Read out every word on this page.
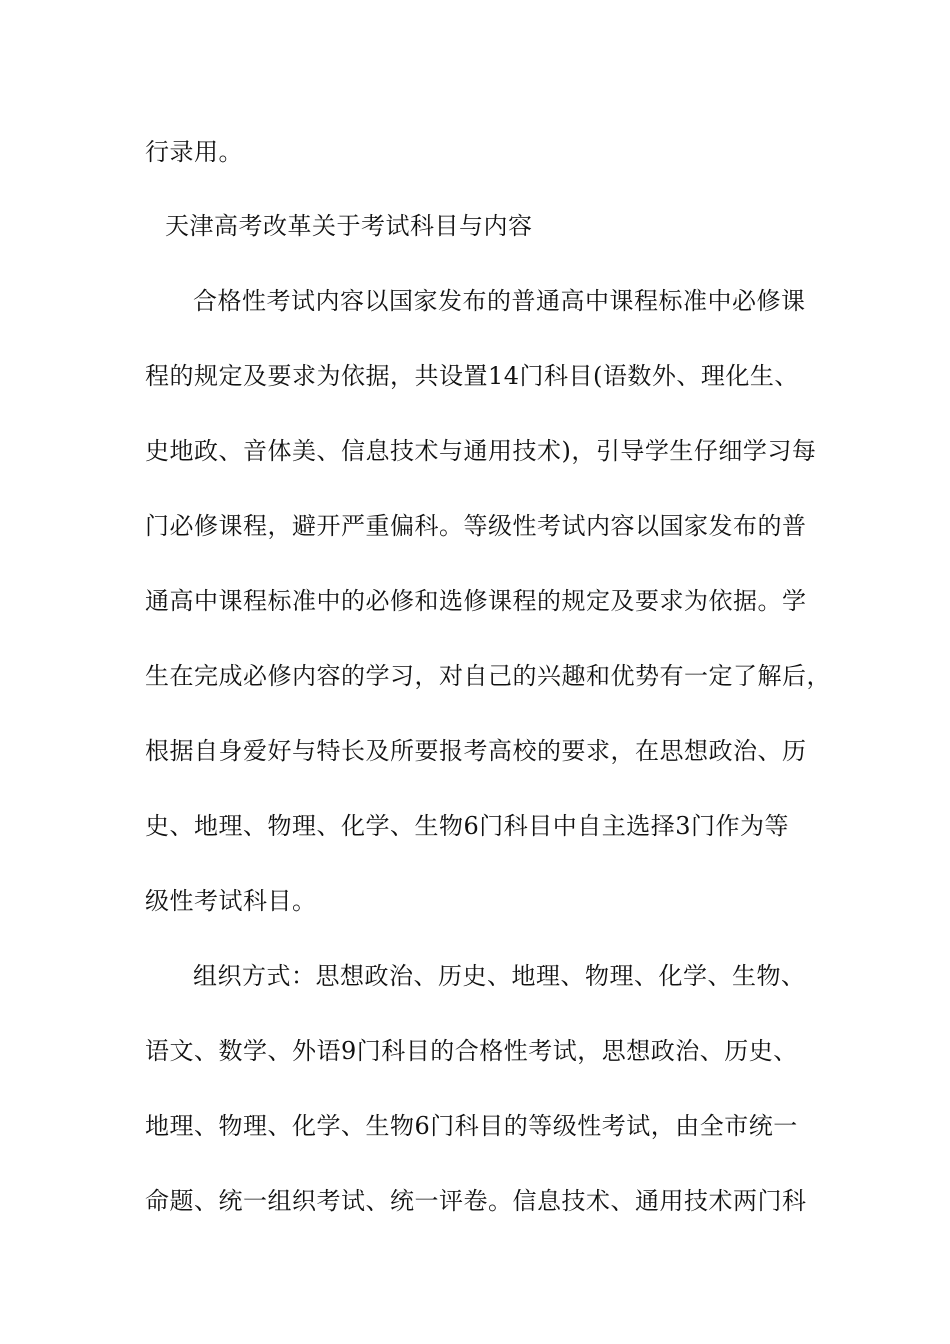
行录用。
天津高考改革关于考试科目与内容
合格性考试内容以国家发布的普通高中课程标准中必修课
程的规定及要求为依据，共设置14门科目(语数外、理化生、
史地政、音体美、信息技术与通用技术)，引导学生仔细学习每
门必修课程，避开严重偏科。等级性考试内容以国家发布的普
通高中课程标准中的必修和选修课程的规定及要求为依据。学
生在完成必修内容的学习，对自己的兴趣和优势有一定了解后，
根据自身爱好与特长及所要报考高校的要求，在思想政治、历
史、地理、物理、化学、生物6门科目中自主选择3门作为等
级性考试科目。
组织方式：思想政治、历史、地理、物理、化学、生物、
语文、数学、外语9门科目的合格性考试，思想政治、历史、
地理、物理、化学、生物6门科目的等级性考试，由全市统一
命题、统一组织考试、统一评卷。信息技术、通用技术两门科
